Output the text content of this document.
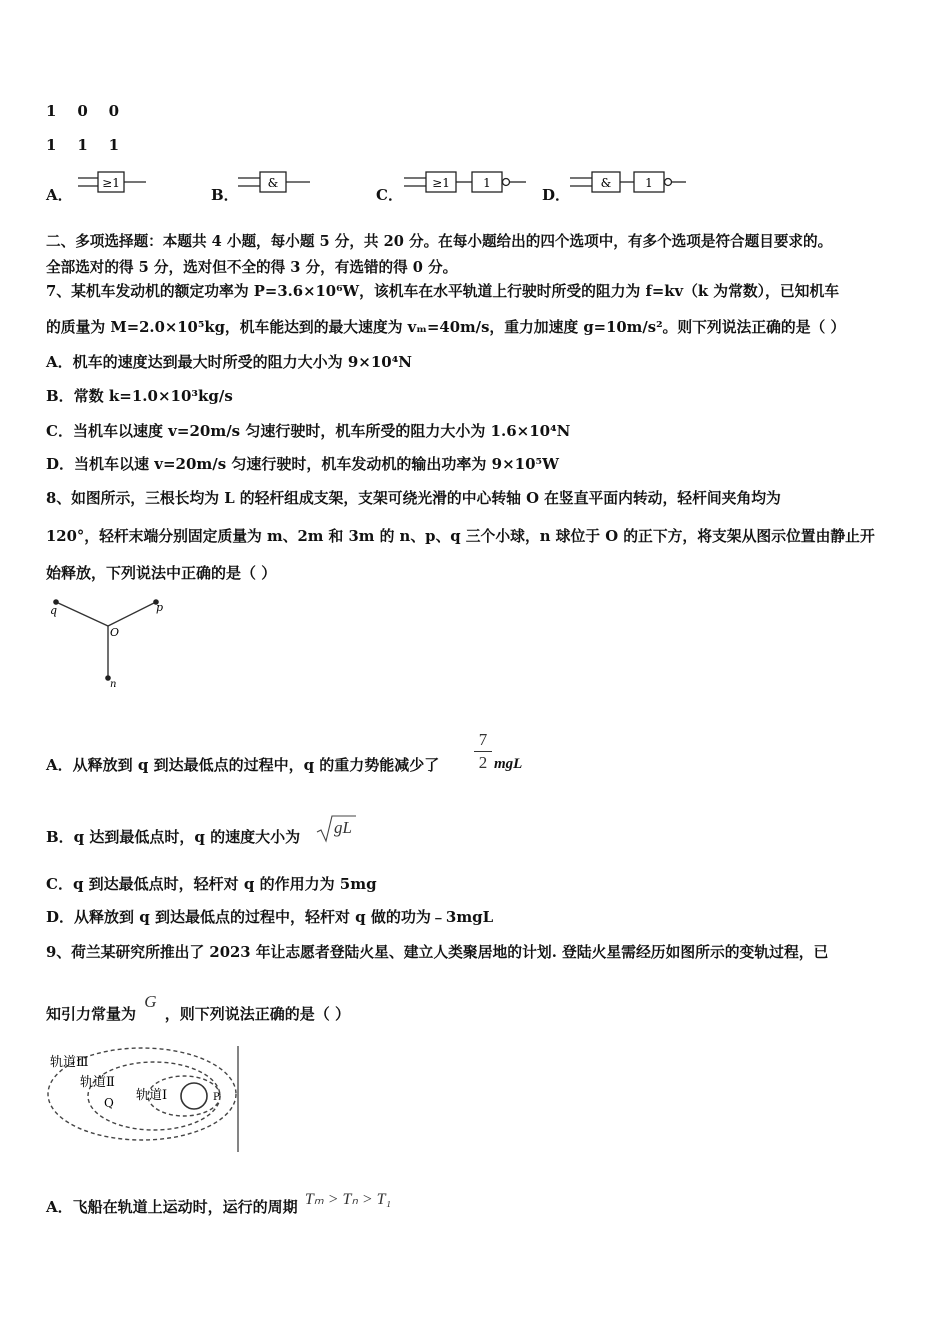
1    0    0
1    1    1
A．
≥1
B．
&
C．
≥1	1
D．
&	1
二、多项选择题：本题共 4 小题，每小题 5 分，共 20 分。在每小题给出的四个选项中，有多个选项是符合题目要求的。
全部选对的得 5 分，选对但不全的得 3 分，有选错的得 0 分。
7、某机车发动机的额定功率为 P=3.6×10⁶W，该机车在水平轨道上行驶时所受的阻力为 f=kv（k 为常数），已知机车
的质量为 M=2.0×10⁵kg，机车能达到的最大速度为 vₘ=40m/s，重力加速度 g=10m/s²。则下列说法正确的是（ ）
A．机车的速度达到最大时所受的阻力大小为 9×10⁴N
B．常数 k=1.0×10³kg/s
C．当机车以速度 v=20m/s 匀速行驶时，机车所受的阻力大小为 1.6×10⁴N
D．当机车以速 v=20m/s 匀速行驶时，机车发动机的输出功率为 9×10⁵W
8、如图所示，三根长均为 L 的轻杆组成支架，支架可绕光滑的中心转轴 O 在竖直平面内转动，轻杆间夹角均为
120°，轻杆末端分别固定质量为 m、2m 和 3m 的 n、p、q 三个小球，n 球位于 O 的正下方，将支架从图示位置由静止开
始释放，下列说法中正确的是（ ）
q	p
O
n
A．从释放到 q 到达最低点的过程中，q 的重力势能减少了
7
2 mgL
B．q 达到最低点时，q 的速度大小为 gL
C．q 到达最低点时，轻杆对 q 的作用力为 5mg
D．从释放到 q 到达最低点的过程中，轻杆对 q 做的功为﹣3mgL
9、荷兰某研究所推出了 2023 年让志愿者登陆火星、建立人类聚居地的计划. 登陆火星需经历如图所示的变轨过程，已
知引力常量为 G ，则下列说法正确的是（ ）
轨道Ⅲ
轨道Ⅱ
轨道Ⅰ
Q	P
A．飞船在轨道上运动时，运行的周期 Tₘ > Tₙ > T₁
